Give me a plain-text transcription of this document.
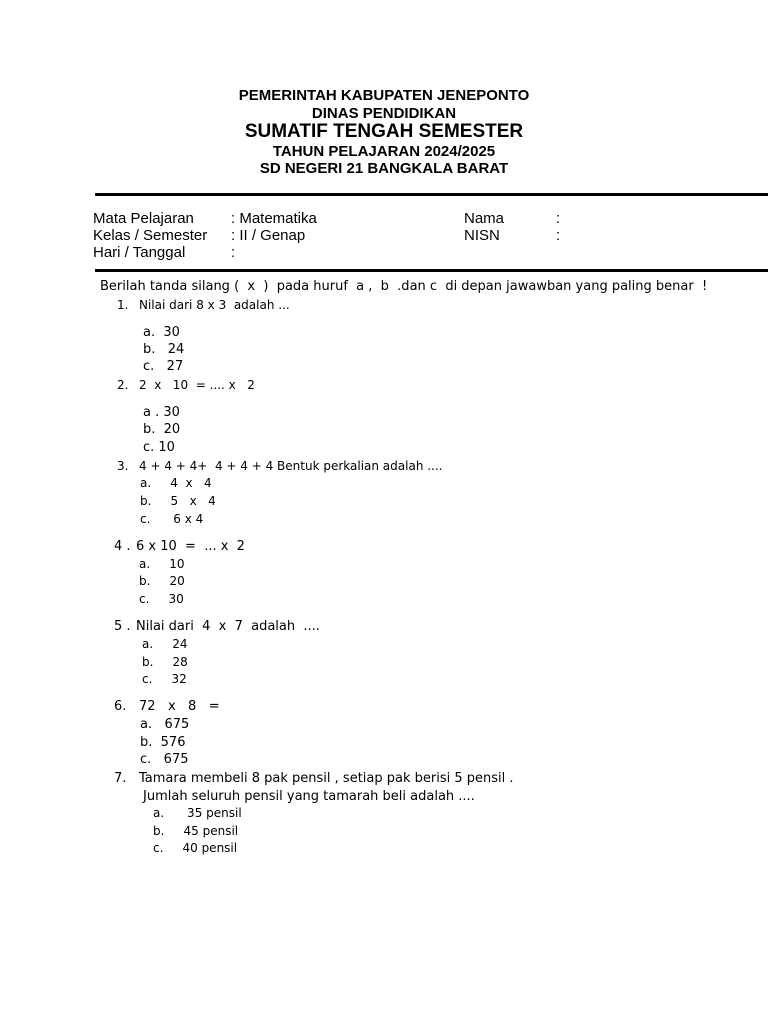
PEMERINTAH KABUPATEN JENEPONTO
DINAS PENDIDIKAN
SUMATIF TENGAH SEMESTER
TAHUN PELAJARAN 2024/2025
SD NEGERI 21 BANGKALA BARAT
Mata Pelajaran : Matematika
Kelas / Semester : II / Genap
Hari / Tanggal	:
Nama	:
NISN	:
Berilah tanda silang (  x  )  pada huruf  a ,  b  .dan c  di depan jawawban yang paling benar  !
1. Nilai dari 8 x 3  adalah ...
a.  30
b.   24
c.   27
2. 2  x   10  = .... x   2
a . 30
b.  20
c. 10
3. 4 + 4 + 4+  4 + 4 + 4 Bentuk perkalian adalah ....
a.     4  x   4
b.     5   x   4
c.      6 x 4
4 . 6 x 10  =  ... x  2
a.     10
b.     20
c.     30
5 . Nilai dari  4  x  7  adalah  ....
a.     24
b.     28
c.     32
6. 72   x   8   =
a.   675
b.  576
c.   675
7. Tamara membeli 8 pak pensil , setiap pak berisi 5 pensil .
Jumlah seluruh pensil yang tamarah beli adalah ....
a.      35 pensil
b.     45 pensil
c.     40 pensil
